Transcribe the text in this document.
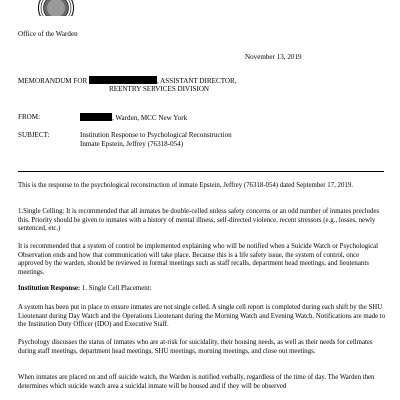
Office of the Warden
November 13, 2019
MEMORANDUM FOR	, ASSISTANT DIRECTOR,
REENTRY SERVICES DIVISION
FROM:	, Warden, MCC New York
SUBJECT:	Institution Response to Psychological Reconstruction
Inmate Epstein, Jeffrey (76318-054)
This is the response to the psychological reconstruction of inmate Epstein, Jeffrey (76318-054) dated September 17, 2019.
1.Single Celling: It is recommended that all inmates be double-celled unless safety concerns or an odd number of inmates precludes this. Priority should be given to inmates with a history of mental illness, self-directed violence, recent stressors (e.g., losses, newly sentenced, etc.)
It is recommended that a system of control be implemented explaining who will be notified when a Suicide Watch or Psychological Observation ends and how that communication will take place. Because this is a life safety issue, the system of control, once approved by the warden, should be reviewed in formal meetings such as staff recalls, department head meetings, and lieutenants meetings.
Institution Response: 1. Single Cell Placement:
A system has been put in place to ensure inmates are not single celled. A single cell report is completed during each shift by the SHU Lieutenant during Day Watch and the Operations Lieutenant during the Morning Watch and Evening Watch. Notifications are made to the Institution Duty Officer (IDO) and Executive Staff.
Psychology discusses the status of inmates who are at-risk for suicidality, their housing needs, as well as their needs for cellmates during staff meetings, department head meetings, SHU meetings, morning meetings, and close out meetings.
When inmates are placed on and off suicide watch, the Warden is notified verbally, regardless of the time of day. The Warden then determines which suicide watch area a suicidal inmate will be housed and if they will be observed
